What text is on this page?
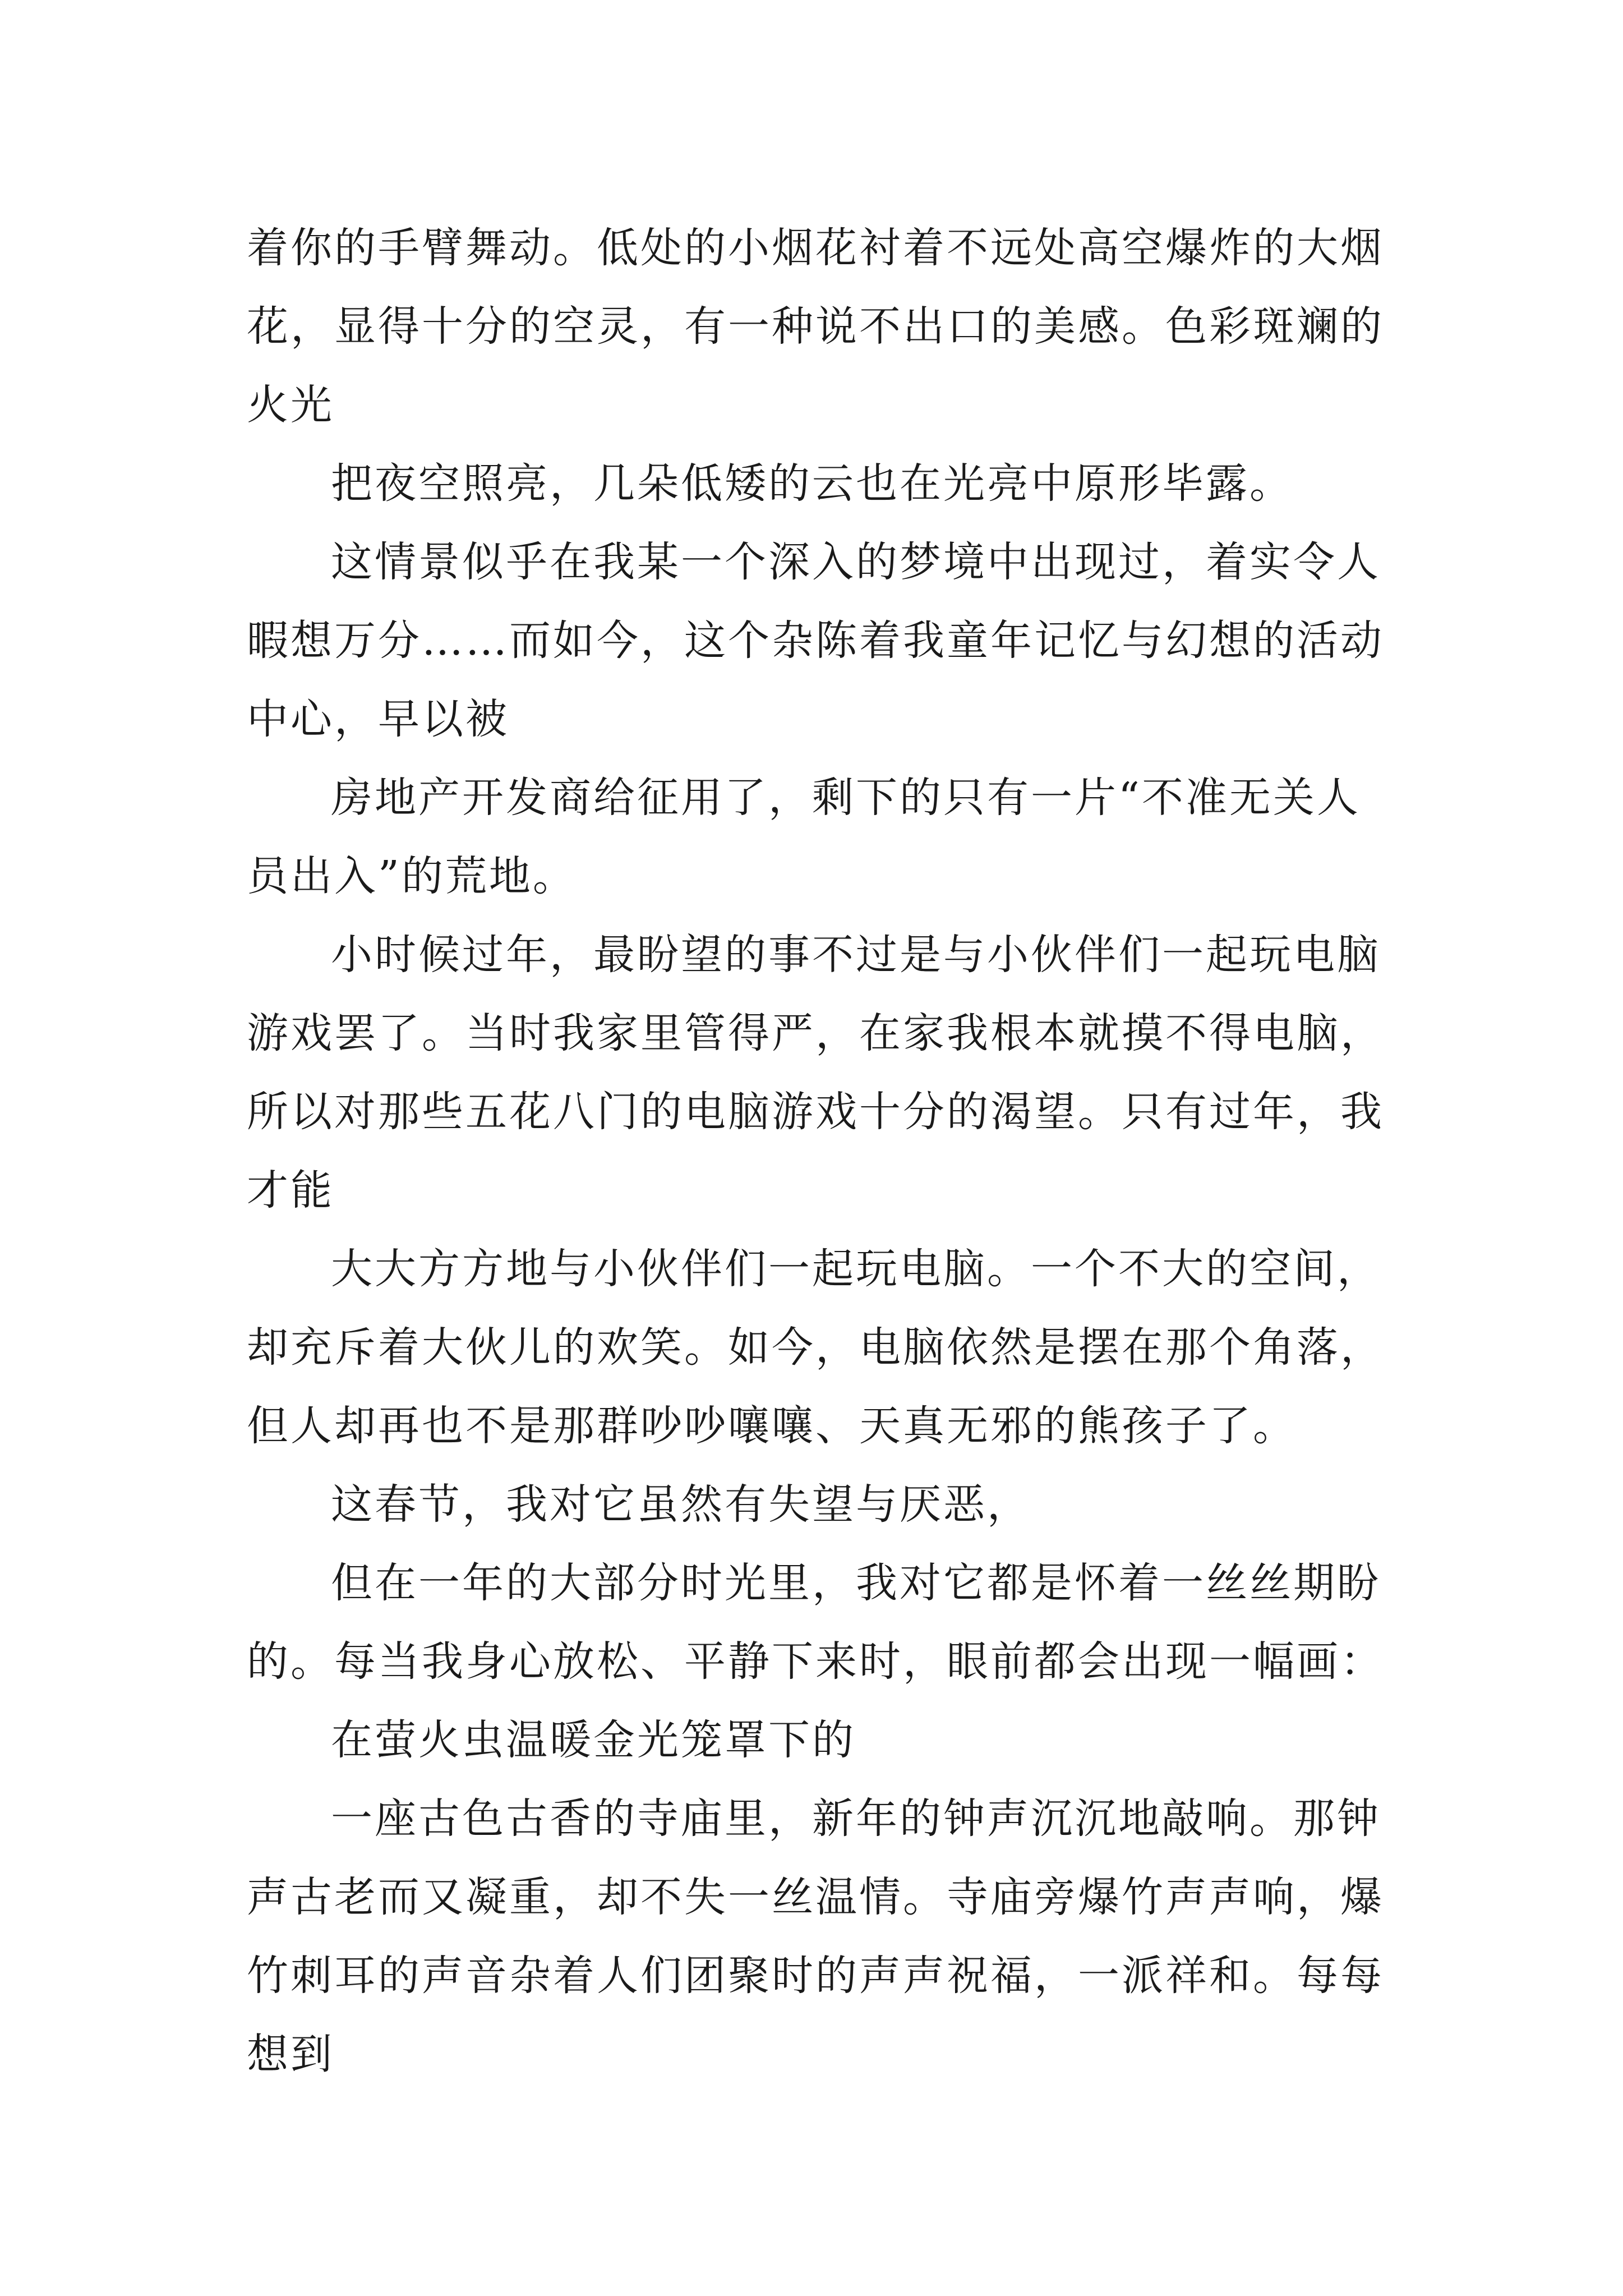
着你的手臂舞动。低处的小烟花衬着不远处高空爆炸的大烟
花，显得十分的空灵，有一种说不出口的美感。色彩斑斓的
火光
把夜空照亮，几朵低矮的云也在光亮中原形毕露。
这情景似乎在我某一个深入的梦境中出现过，着实令人
暇想万分……而如今，这个杂陈着我童年记忆与幻想的活动
中心，早以被
房地产开发商给征用了，剩下的只有一片“不准无关人
员出入”的荒地。
小时候过年，最盼望的事不过是与小伙伴们一起玩电脑
游戏罢了。当时我家里管得严，在家我根本就摸不得电脑，
所以对那些五花八门的电脑游戏十分的渴望。只有过年，我
才能
大大方方地与小伙伴们一起玩电脑。一个不大的空间，
却充斥着大伙儿的欢笑。如今，电脑依然是摆在那个角落，
但人却再也不是那群吵吵嚷嚷、天真无邪的熊孩子了。
这春节，我对它虽然有失望与厌恶，
但在一年的大部分时光里，我对它都是怀着一丝丝期盼
的。每当我身心放松、平静下来时，眼前都会出现一幅画：
在萤火虫温暖金光笼罩下的
一座古色古香的寺庙里，新年的钟声沉沉地敲响。那钟
声古老而又凝重，却不失一丝温情。寺庙旁爆竹声声响，爆
竹刺耳的声音杂着人们团聚时的声声祝福，一派祥和。每每
想到
